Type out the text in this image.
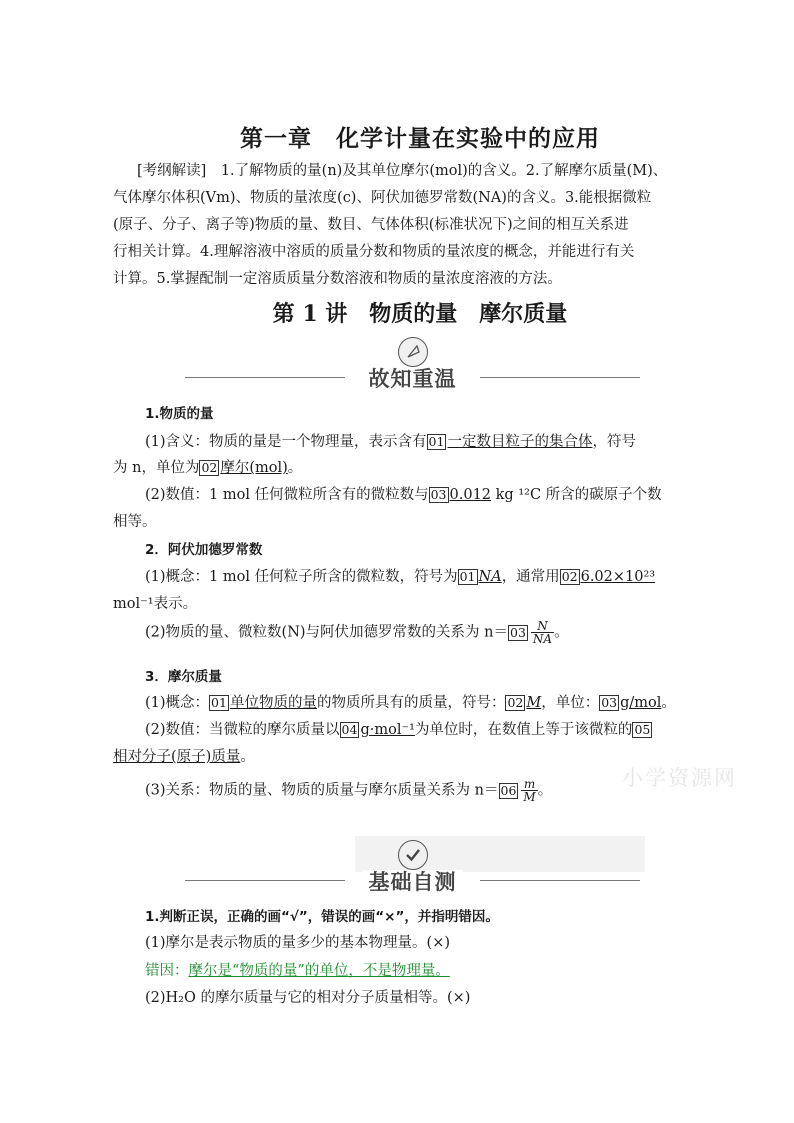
第一章　化学计量在实验中的应用
[考纲解读]　 1.了解物质的量(n)及其单位摩尔(mol)的含义。2.了解摩尔质量(M)、
气体摩尔体积(Vm)、物质的量浓度(c)、阿伏加德罗常数(NA)的含义。3.能根据微粒
(原子、分子、离子等)物质的量、数目、气体体积(标准状况下)之间的相互关系进
行相关计算。4.理解溶液中溶质的质量分数和物质的量浓度的概念，并能进行有关
计算。5.掌握配制一定溶质质量分数溶液和物质的量浓度溶液的方法。
第 1 讲　物质的量　摩尔质量
故知重温
1.物质的量
(1)含义：物质的量是一个物理量，表示含有 01 一定数目粒子的集合体，符号
为 n，单位为 02 摩尔(mol)。
(2)数值：1 mol 任何微粒所含有的微粒数与 03 0.012 kg ¹²C 所含的碳原子个数
相等。
2．阿伏加德罗常数
(1)概念：1 mol 任何粒子所含的微粒数，符号为 01 NA，通常用 02 6.02×10²³
mol⁻¹表示。
(2)物质的量、微粒数(N)与阿伏加德罗常数的关系为 $n= 03 \frac{N}{NA}$ 。
3．摩尔质量
(1)概念： 01 单位物质的量的物质所具有的质量，符号： 02 M，单位： 03 g/mol。
(2)数值：当微粒的摩尔质量以 04 g·mol⁻¹为单位时，在数值上等于该微粒的 05
相对分子(原子)质量。
(3)关系：物质的量、物质的质量与摩尔质量关系为 $n= 06 \frac{m}{M}$ 。
小学资源网
基础自测
1.判断正误，正确的画“√”，错误的画“×”，并指明错因。
(1)摩尔是表示物质的量多少的基本物理量。(×)
错因：摩尔是“物质的量”的单位，不是物理量。
(2)H₂O 的摩尔质量与它的相对分子质量相等。(×)
